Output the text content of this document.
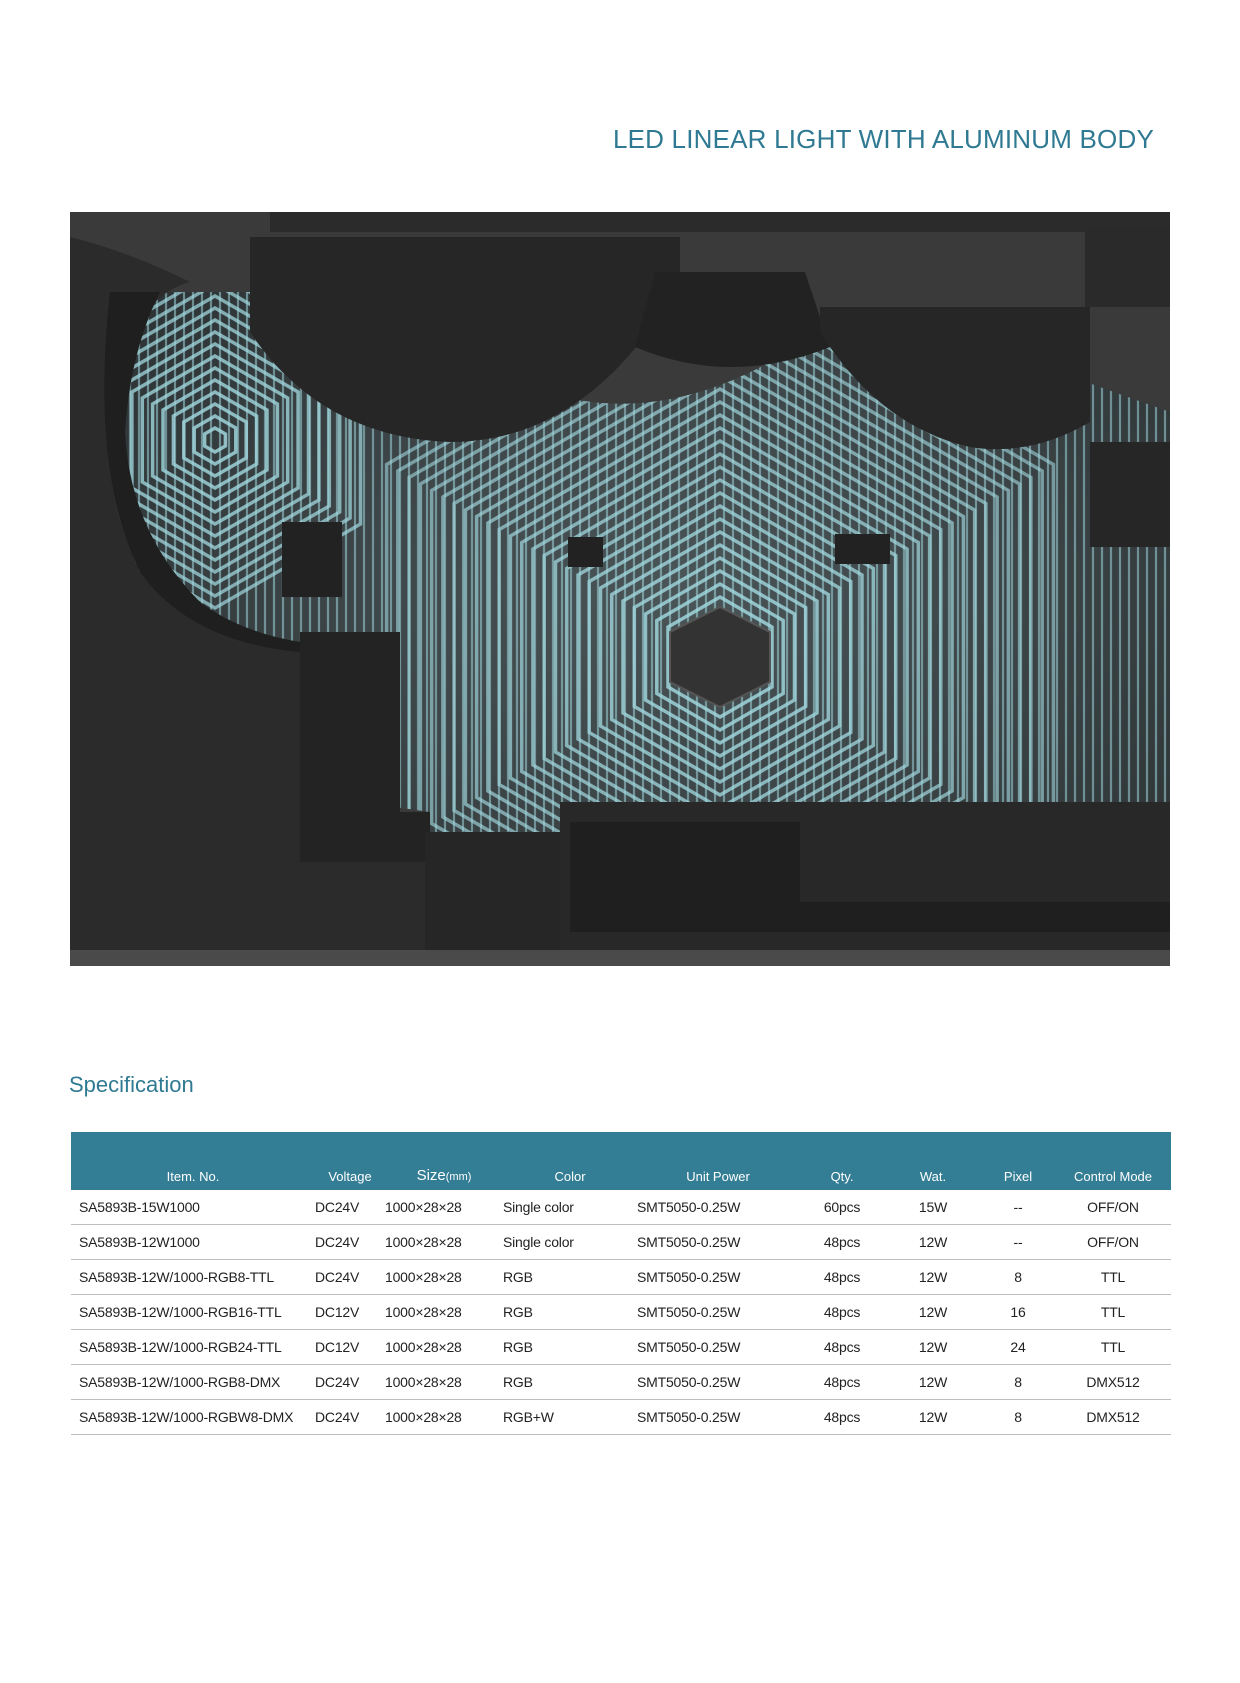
LED LINEAR LIGHT WITH ALUMINUM BODY
Specification
Item. No.	Voltage	Size(mm)	Color	Unit Power	Qty.	Wat.	Pixel	Control Mode
SA5893B-15W1000	DC24V	1000×28×28	Single color	SMT5050-0.25W	60pcs	15W	--	OFF/ON
SA5893B-12W1000	DC24V	1000×28×28	Single color	SMT5050-0.25W	48pcs	12W	--	OFF/ON
SA5893B-12W/1000-RGB8-TTL	DC24V	1000×28×28	RGB	SMT5050-0.25W	48pcs	12W	8	TTL
SA5893B-12W/1000-RGB16-TTL	DC12V	1000×28×28	RGB	SMT5050-0.25W	48pcs	12W	16	TTL
SA5893B-12W/1000-RGB24-TTL	DC12V	1000×28×28	RGB	SMT5050-0.25W	48pcs	12W	24	TTL
SA5893B-12W/1000-RGB8-DMX	DC24V	1000×28×28	RGB	SMT5050-0.25W	48pcs	12W	8	DMX512
SA5893B-12W/1000-RGBW8-DMX	DC24V	1000×28×28	RGB+W	SMT5050-0.25W	48pcs	12W	8	DMX512
